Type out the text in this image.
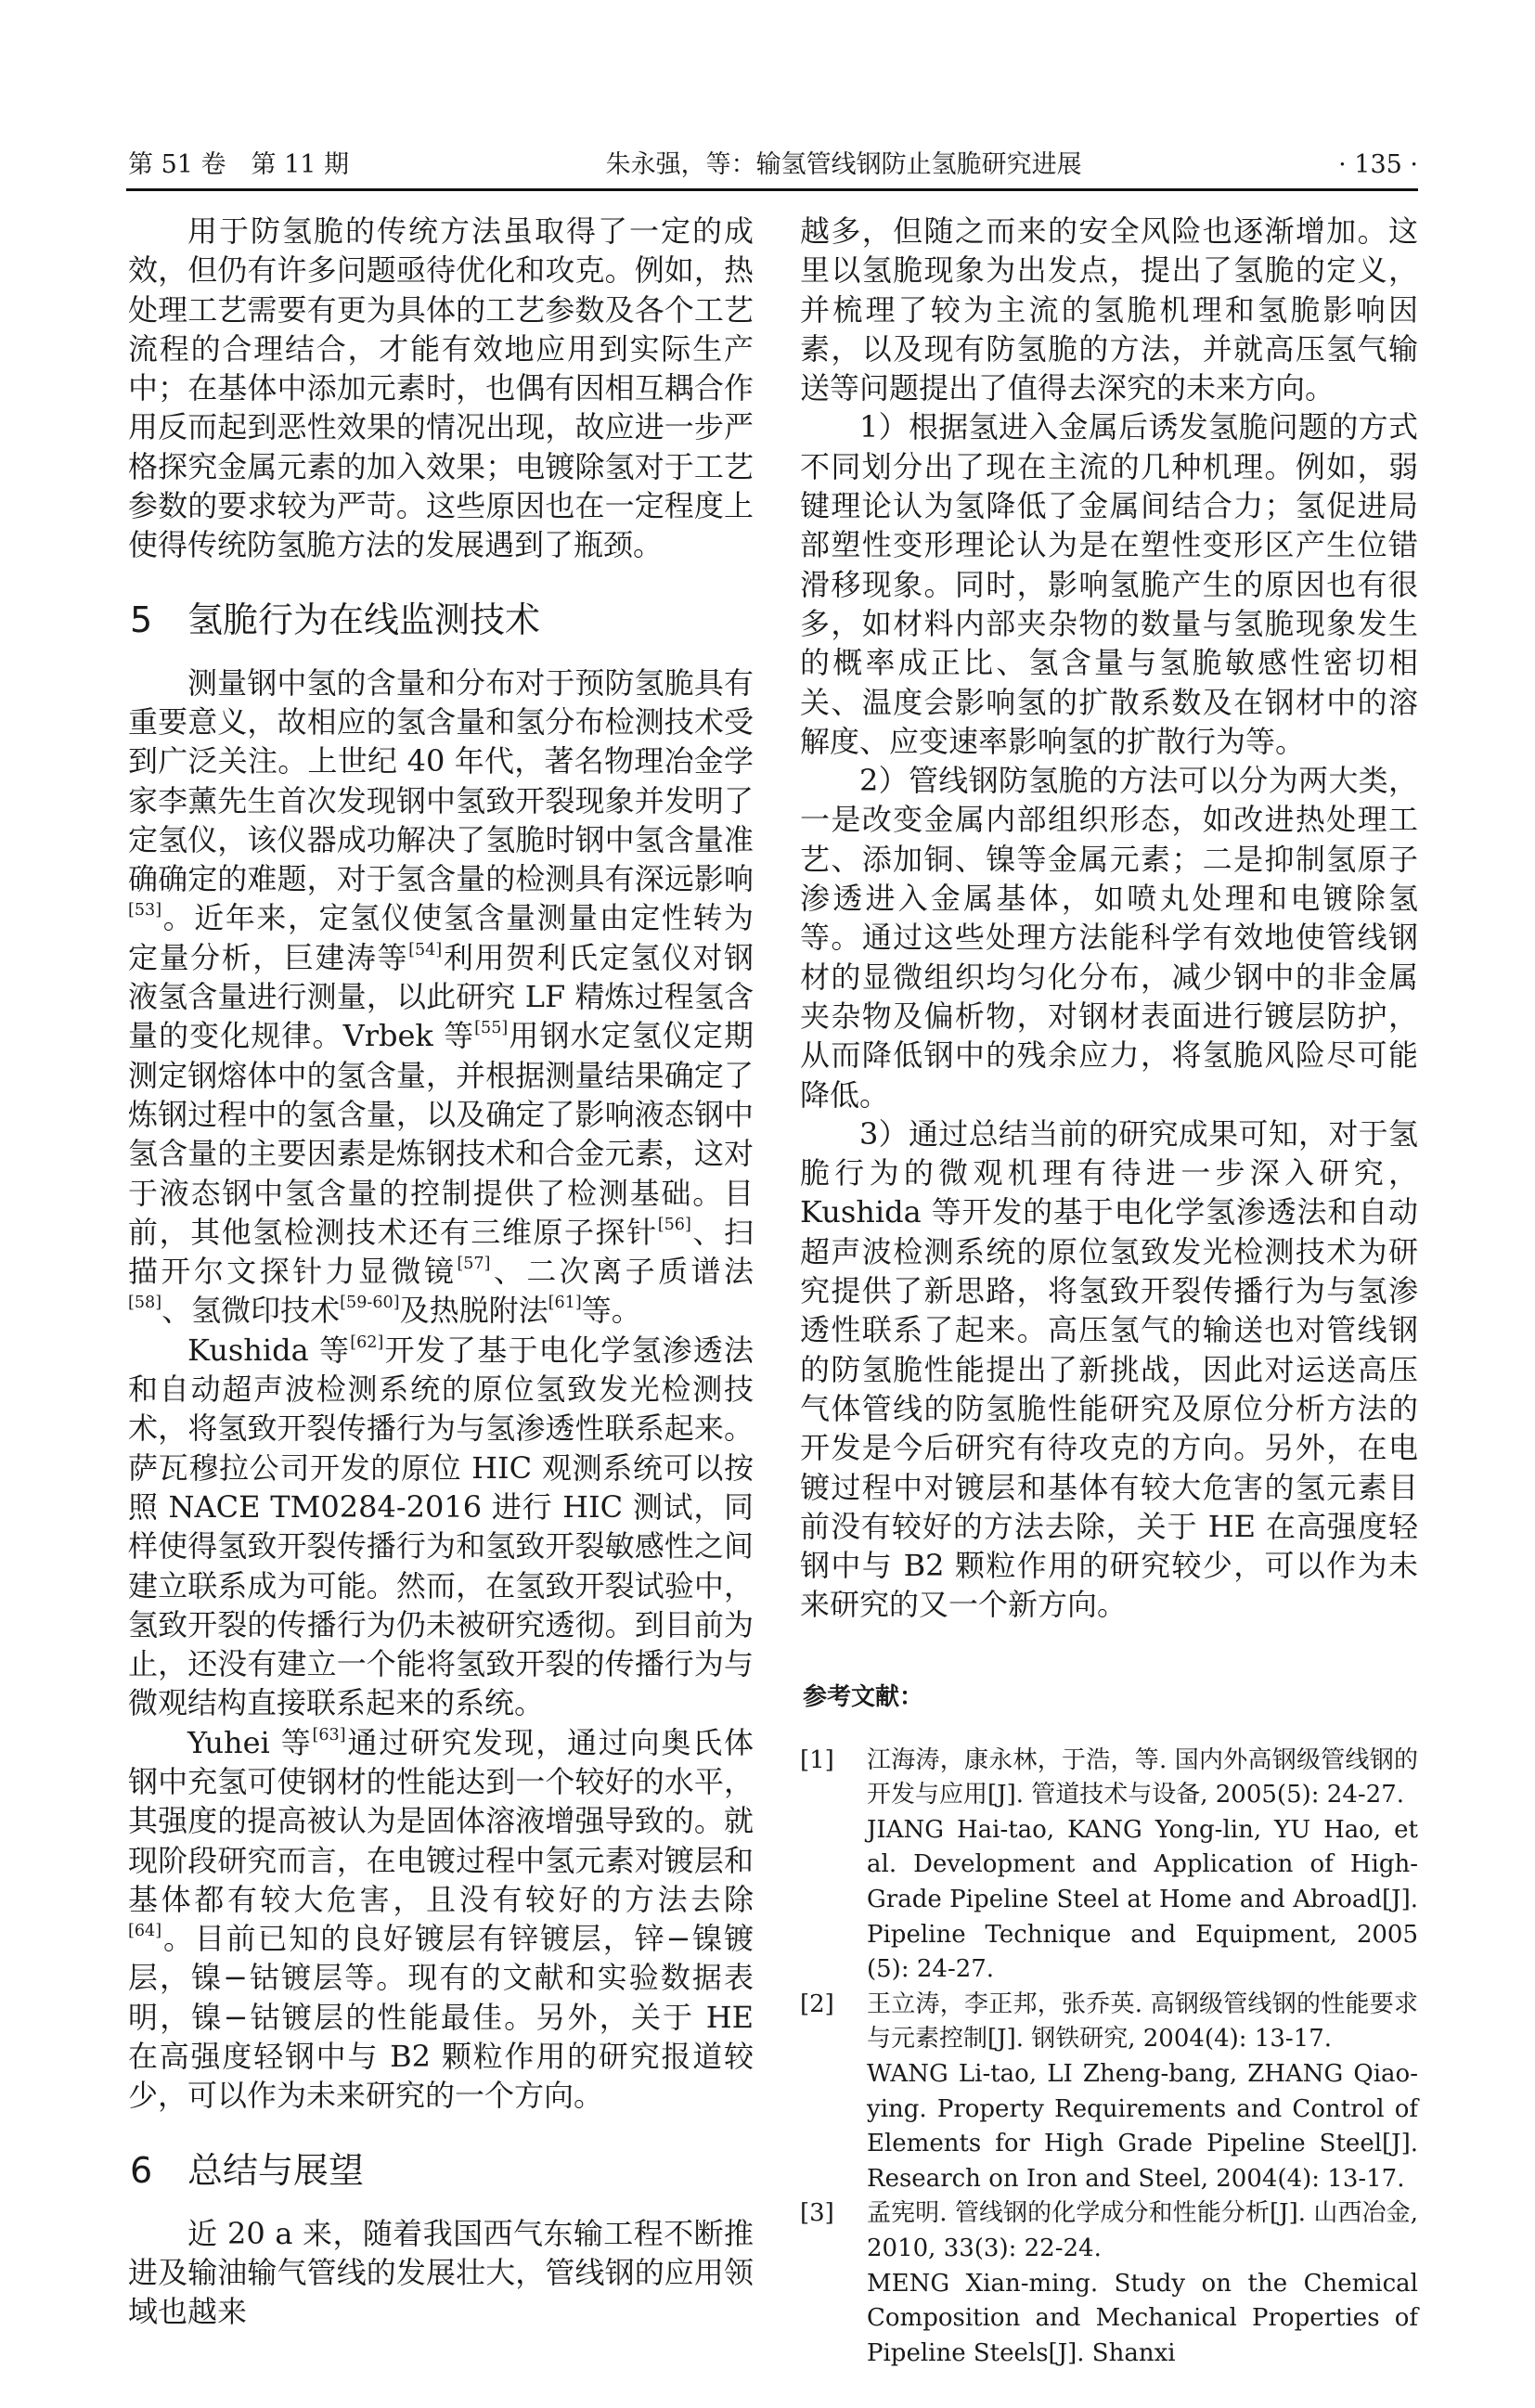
第 51 卷　第 11 期	朱永强，等：输氢管线钢防止氢脆研究进展	· 135 ·

用于防氢脆的传统方法虽取得了一定的成效，但仍有许多问题亟待优化和攻克。例如，热处理工艺需要有更为具体的工艺参数及各个工艺流程的合理结合，才能有效地应用到实际生产中；在基体中添加元素时，也偶有因相互耦合作用反而起到恶性效果的情况出现，故应进一步严格探究金属元素的加入效果；电镀除氢对于工艺参数的要求较为严苛。这些原因也在一定程度上使得传统防氢脆方法的发展遇到了瓶颈。

5 氢脆行为在线监测技术

测量钢中氢的含量和分布对于预防氢脆具有重要意义，故相应的氢含量和氢分布检测技术受到广泛关注。上世纪 40 年代，著名物理冶金学家李薰先生首次发现钢中氢致开裂现象并发明了定氢仪，该仪器成功解决了氢脆时钢中氢含量准确确定的难题，对于氢含量的检测具有深远影响[53]。近年来，定氢仪使氢含量测量由定性转为定量分析，巨建涛等[54]利用贺利氏定氢仪对钢液氢含量进行测量，以此研究 LF 精炼过程氢含量的变化规律。Vrbek 等[55]用钢水定氢仪定期测定钢熔体中的氢含量，并根据测量结果确定了炼钢过程中的氢含量，以及确定了影响液态钢中氢含量的主要因素是炼钢技术和合金元素，这对于液态钢中氢含量的控制提供了检测基础。目前，其他氢检测技术还有三维原子探针[56]、扫描开尔文探针力显微镜[57]、二次离子质谱法[58]、氢微印技术[59-60]及热脱附法[61]等。

Kushida 等[62]开发了基于电化学氢渗透法和自动超声波检测系统的原位氢致发光检测技术，将氢致开裂传播行为与氢渗透性联系起来。萨瓦穆拉公司开发的原位 HIC 观测系统可以按照 NACE TM0284-2016 进行 HIC 测试，同样使得氢致开裂传播行为和氢致开裂敏感性之间建立联系成为可能。然而，在氢致开裂试验中，氢致开裂的传播行为仍未被研究透彻。到目前为止，还没有建立一个能将氢致开裂的传播行为与微观结构直接联系起来的系统。

Yuhei 等[63]通过研究发现，通过向奥氏体钢中充氢可使钢材的性能达到一个较好的水平，其强度的提高被认为是固体溶液增强导致的。就现阶段研究而言，在电镀过程中氢元素对镀层和基体都有较大危害，且没有较好的方法去除[64]。目前已知的良好镀层有锌镀层，锌−镍镀层，镍−钴镀层等。现有的文献和实验数据表明，镍−钴镀层的性能最佳。另外，关于 HE 在高强度轻钢中与 B2 颗粒作用的研究报道较少，可以作为未来研究的一个方向。

6 总结与展望

近 20 a 来，随着我国西气东输工程不断推进及输油输气管线的发展壮大，管线钢的应用领域也越来

越多，但随之而来的安全风险也逐渐增加。这里以氢脆现象为出发点，提出了氢脆的定义，并梳理了较为主流的氢脆机理和氢脆影响因素，以及现有防氢脆的方法，并就高压氢气输送等问题提出了值得去深究的未来方向。

1）根据氢进入金属后诱发氢脆问题的方式不同划分出了现在主流的几种机理。例如，弱键理论认为氢降低了金属间结合力；氢促进局部塑性变形理论认为是在塑性变形区产生位错滑移现象。同时，影响氢脆产生的原因也有很多，如材料内部夹杂物的数量与氢脆现象发生的概率成正比、氢含量与氢脆敏感性密切相关、温度会影响氢的扩散系数及在钢材中的溶解度、应变速率影响氢的扩散行为等。

2）管线钢防氢脆的方法可以分为两大类，一是改变金属内部组织形态，如改进热处理工艺、添加铜、镍等金属元素；二是抑制氢原子渗透进入金属基体，如喷丸处理和电镀除氢等。通过这些处理方法能科学有效地使管线钢材的显微组织均匀化分布，减少钢中的非金属夹杂物及偏析物，对钢材表面进行镀层防护，从而降低钢中的残余应力，将氢脆风险尽可能降低。

3）通过总结当前的研究成果可知，对于氢脆行为的微观机理有待进一步深入研究，Kushida 等开发的基于电化学氢渗透法和自动超声波检测系统的原位氢致发光检测技术为研究提供了新思路，将氢致开裂传播行为与氢渗透性联系了起来。高压氢气的输送也对管线钢的防氢脆性能提出了新挑战，因此对运送高压气体管线的防氢脆性能研究及原位分析方法的开发是今后研究有待攻克的方向。另外，在电镀过程中对镀层和基体有较大危害的氢元素目前没有较好的方法去除，关于 HE 在高强度轻钢中与 B2 颗粒作用的研究较少，可以作为未来研究的又一个新方向。

参考文献：
[1]	江海涛，康永林，于浩，等. 国内外高钢级管线钢的开发与应用[J]. 管道技术与设备, 2005(5): 24-27.
JIANG Hai-tao, KANG Yong-lin, YU Hao, et al. Development and Application of High-Grade Pipeline Steel at Home and Abroad[J]. Pipeline Technique and Equipment, 2005 (5): 24-27.
[2]	王立涛，李正邦，张乔英. 高钢级管线钢的性能要求与元素控制[J]. 钢铁研究, 2004(4): 13-17.
WANG Li-tao, LI Zheng-bang, ZHANG Qiao-ying. Property Requirements and Control of Elements for High Grade Pipeline Steel[J]. Research on Iron and Steel, 2004(4): 13-17.
[3]	孟宪明. 管线钢的化学成分和性能分析[J]. 山西冶金, 2010, 33(3): 22-24.
MENG Xian-ming. Study on the Chemical Composition and Mechanical Properties of Pipeline Steels[J]. Shanxi
